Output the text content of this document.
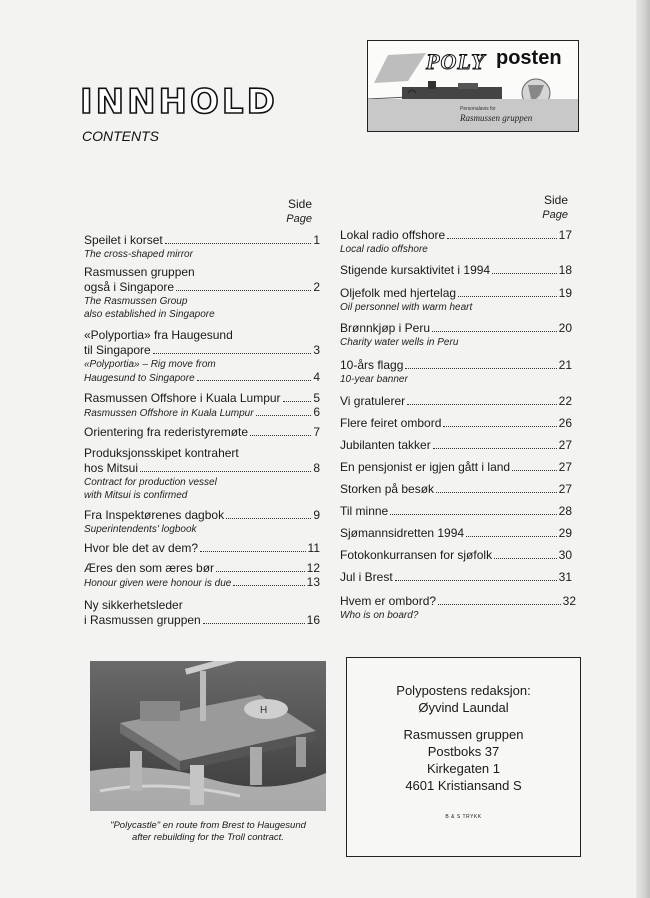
POLY posten
Personalavis for
Rasmussen gruppen
INNHOLD
CONTENTS
Side
Page
Side
Page
Speilet i korset	1
The cross-shaped mirror
Rasmussen gruppen
også i Singapore	2
The Rasmussen Group
also established in Singapore
«Polyportia» fra Haugesund
til Singapore	3
«Polyportia» – Rig move from
Haugesund to Singapore	4
Rasmussen Offshore i Kuala Lumpur	5
Rasmussen Offshore in Kuala Lumpur	6
Orientering fra rederistyremøte	7
Produksjonsskipet kontrahert
hos Mitsui	8
Contract for production vessel
with Mitsui is confirmed
Fra Inspektørenes dagbok	9
Superintendents' logbook
Hvor ble det av dem?	11
Æres den som æres bør	12
Honour given were honour is due	13
Ny sikkerhetsleder
i Rasmussen gruppen	16
Lokal radio offshore	17
Local radio offshore
Stigende kursaktivitet i 1994	18
Oljefolk med hjertelag	19
Oil personnel with warm heart
Brønnkjøp i Peru	20
Charity water wells in Peru
10-års flagg	21
10-year banner
Vi gratulerer	22
Flere feiret ombord	26
Jubilanten takker	27
En pensjonist er igjen gått i land	27
Storken på besøk	27
Til minne	28
Sjømannsidretten 1994	29
Fotokonkurransen for sjøfolk	30
Jul i Brest	31
Hvem er ombord?	32
Who is on board?
H
"Polycastle" en route from Brest to Haugesund
after rebuilding for the Troll contract.
Polypostens redaksjon:
Øyvind Laundal
Rasmussen gruppen
Postboks 37
Kirkegaten 1
4601 Kristiansand S
B & S TRYKK
